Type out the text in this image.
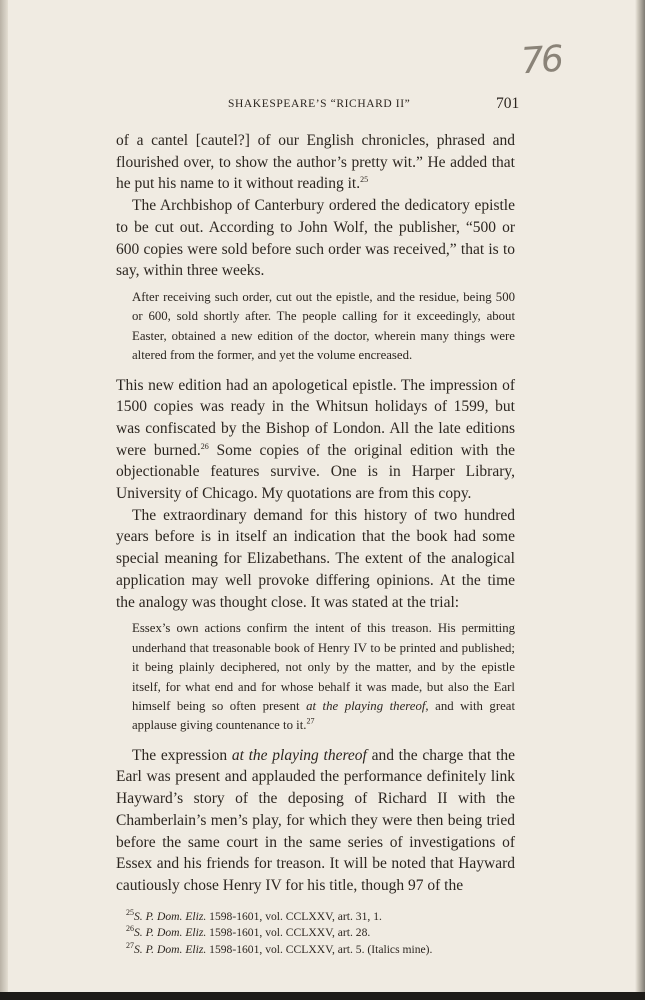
76
SHAKESPEARE’S “RICHARD II”	701

of a cantel [cautel?] of our English chronicles, phrased and flourished over, to show the author’s pretty wit.” He added that he put his name to it without reading it.$^{25}$

The Archbishop of Canterbury ordered the dedicatory epistle to be cut out. According to John Wolf, the publisher, “500 or 600 copies were sold before such order was received,” that is to say, within three weeks.

After receiving such order, cut out the epistle, and the residue, being 500 or 600, sold shortly after. The people calling for it exceedingly, about Easter, obtained a new edition of the doctor, wherein many things were altered from the former, and yet the volume encreased.

This new edition had an apologetical epistle. The impression of 1500 copies was ready in the Whitsun holidays of 1599, but was confiscated by the Bishop of London. All the late editions were burned.$^{26}$ Some copies of the original edition with the objectionable features survive. One is in Harper Library, University of Chicago. My quotations are from this copy.

The extraordinary demand for this history of two hundred years before is in itself an indication that the book had some special meaning for Elizabethans. The extent of the analogical application may well provoke differing opinions. At the time the analogy was thought close. It was stated at the trial:

Essex’s own actions confirm the intent of this treason. His permitting underhand that treasonable book of Henry IV to be printed and published; it being plainly deciphered, not only by the matter, and by the epistle itself, for what end and for whose behalf it was made, but also the Earl himself being so often present at the playing thereof, and with great applause giving countenance to it.$^{27}$

The expression at the playing thereof and the charge that the Earl was present and applauded the performance definitely link Hayward’s story of the deposing of Richard II with the Chamberlain’s men’s play, for which they were then being tried before the same court in the same series of investigations of Essex and his friends for treason. It will be noted that Hayward cautiously chose Henry IV for his title, though 97 of the

$^{25}$S. P. Dom. Eliz. 1598-1601, vol. CCLXXV, art. 31, 1.

$^{26}$S. P. Dom. Eliz. 1598-1601, vol. CCLXXV, art. 28.

$^{27}$S. P. Dom. Eliz. 1598-1601, vol. CCLXXV, art. 5. (Italics mine).
